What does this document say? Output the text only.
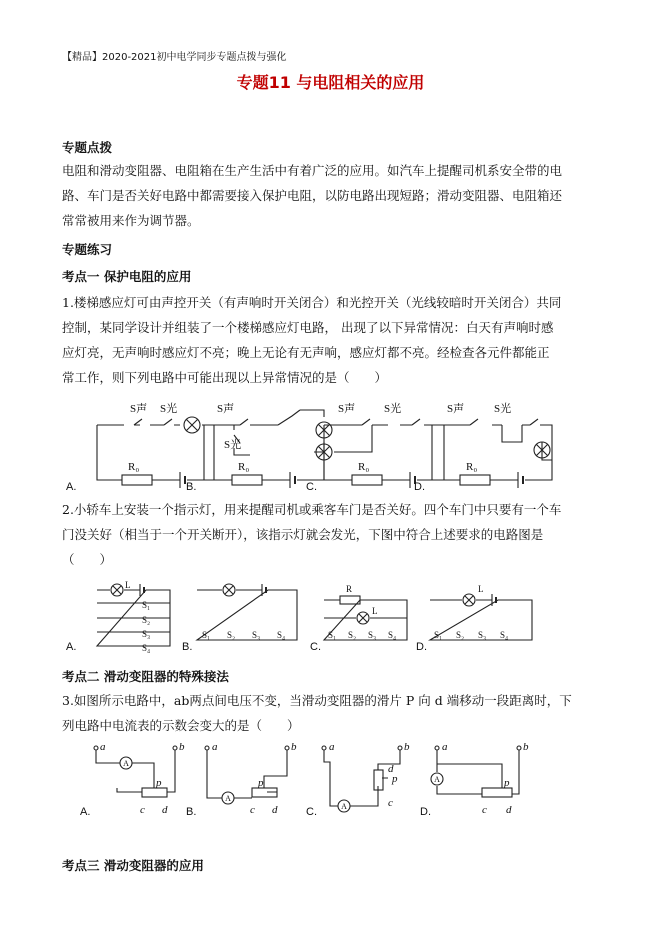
【精品】2020-2021初中电学同步专题点拨与强化
专题11 与电阻相关的应用
专题点拨
电阻和滑动变阻器、电阻箱在生产生活中有着广泛的应用。如汽车上提醒司机系安全带的电
路、车门是否关好电路中都需要接入保护电阻，以防电路出现短路；滑动变阻器、电阻箱还
常常被用来作为调节器。
专题练习
考点一 保护电阻的应用
1.楼梯感应灯可由声控开关（有声响时开关闭合）和光控开关（光线较暗时开关闭合）共同
控制，某同学设计并组装了一个楼梯感应灯电路， 出现了以下异常情况：白天有声响时感
应灯亮，无声响时感应灯不亮；晚上无论有无声响，感应灯都不亮。经检查各元件都能正
常工作，则下列电路中可能出现以上异常情况的是（　　）
S声 S光
R₀
S声
S光
R₀
S声	S光
R₀
S声	S光
R₀
A.	B.	C.	D.
2.小轿车上安装一个指示灯，用来提醒司机或乘客车门是否关好。四个车门中只要有一个车
门没关好（相当于一个开关断开），该指示灯就会发光，下图中符合上述要求的电路图是
（　　）
L
S₁
S₂
S₃
S₄
S₁ S₂ S₃ S₄
R
L
S₁ S₂ S₃ S₄
L
S₁ S₂ S₃ S₄
A.	B.	C.	D.
考点二 滑动变阻器的特殊接法
3.如图所示电路中，ab两点间电压不变，当滑动变阻器的滑片 P 向 d 端移动一段距离时，下
列电路中电流表的示数会变大的是（　　）
a	b
p
c d
a	b
p
c d
a	b
d
p
c
a	b
p
c d
A
A
A
A
A.	B.	C.	D.
考点三 滑动变阻器的应用
